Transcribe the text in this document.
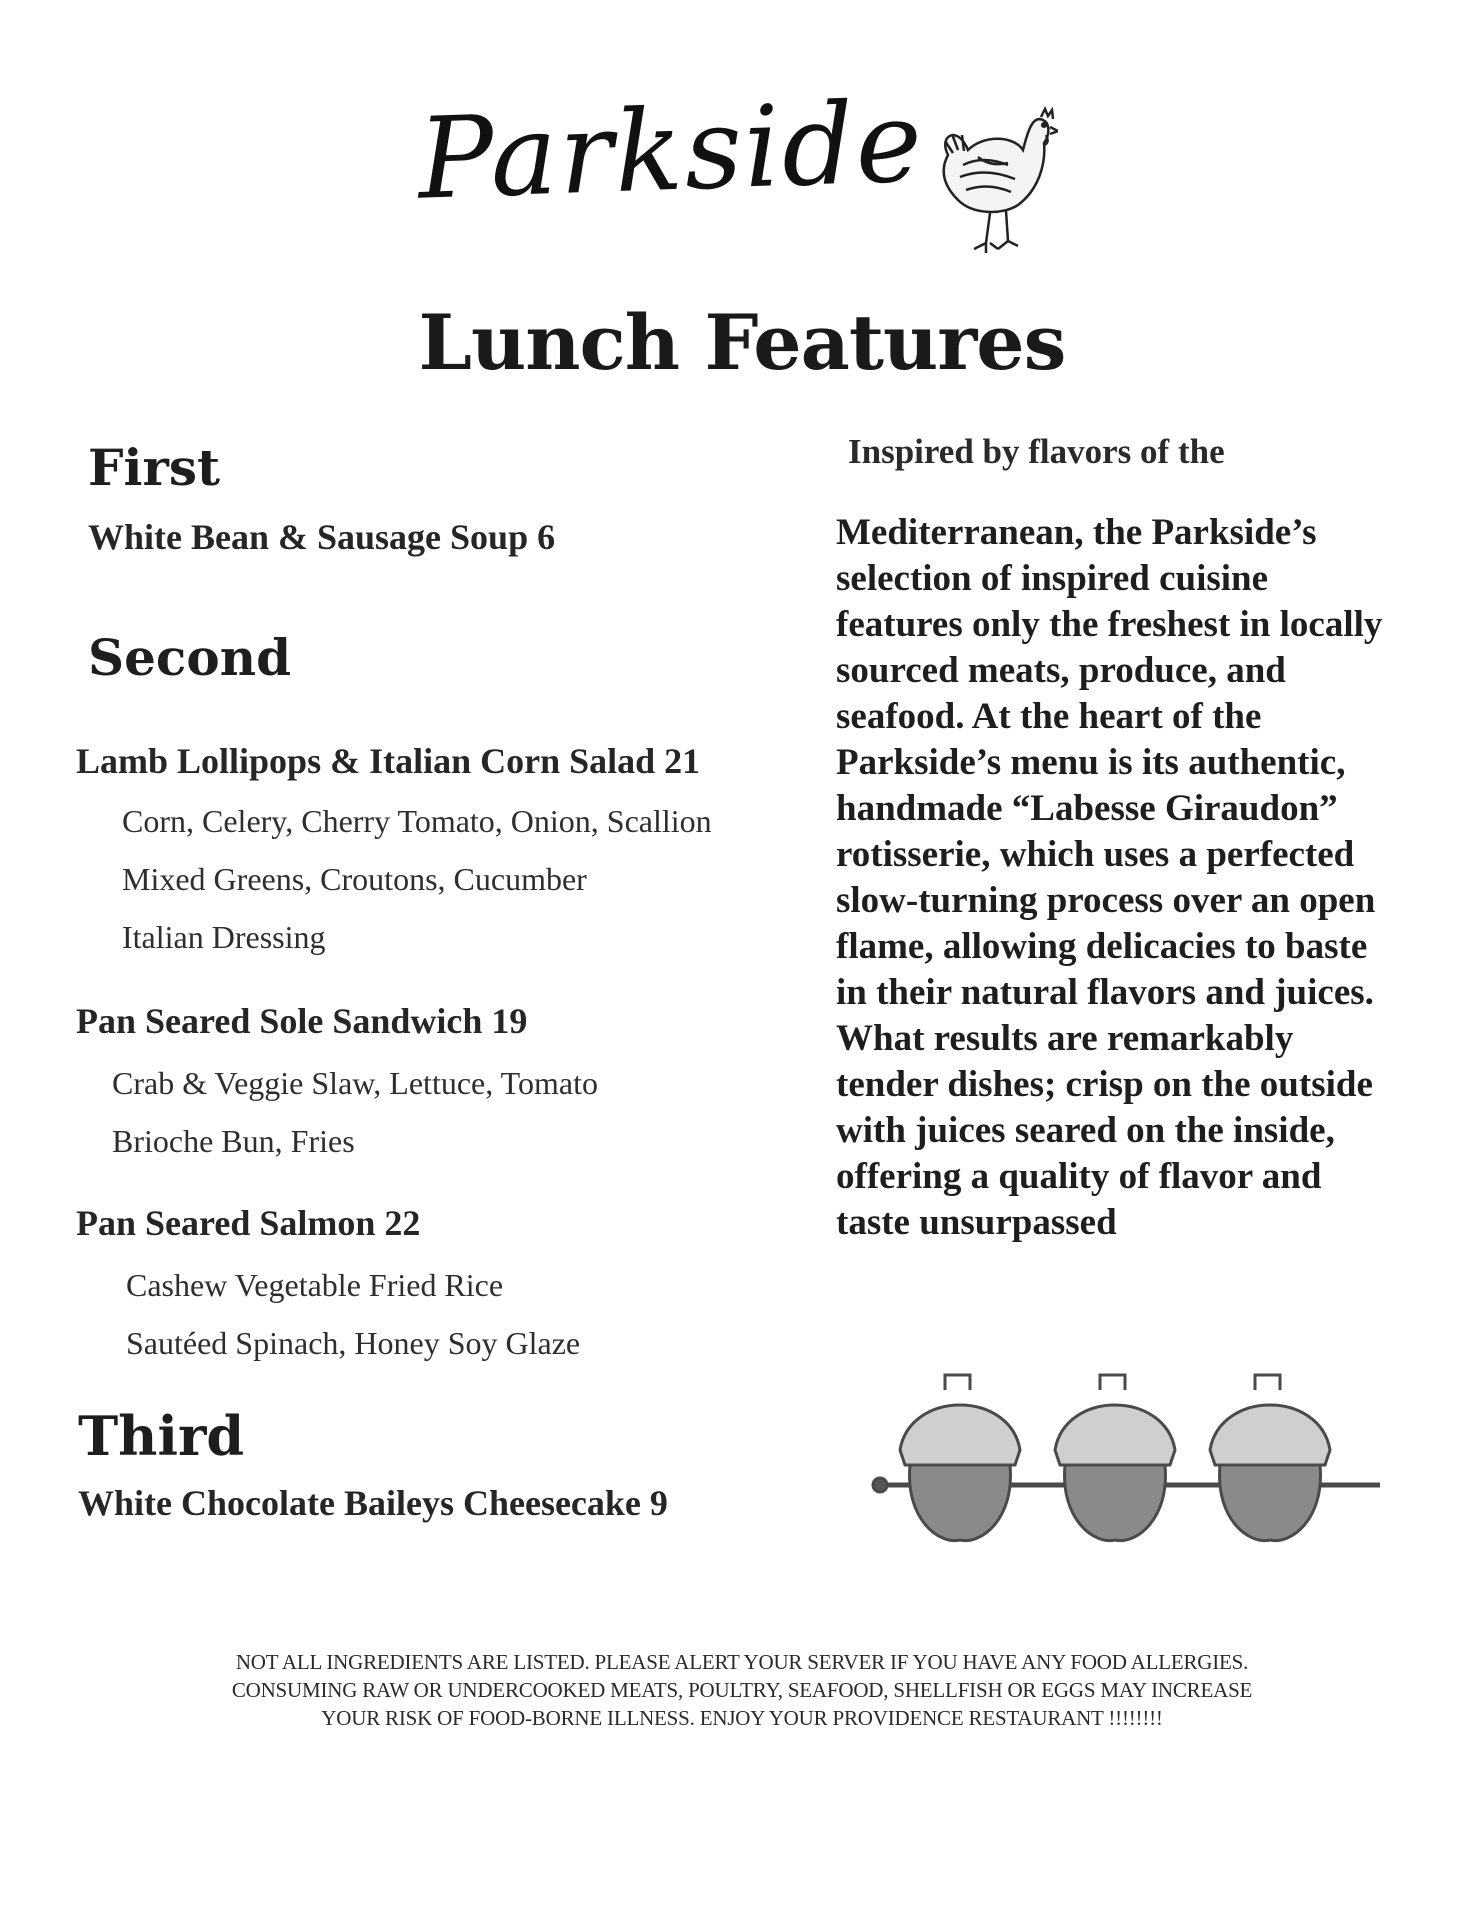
Parkside
Lunch Features
First
White Bean & Sausage Soup 6
Second
Lamb Lollipops & Italian Corn Salad 21
Corn, Celery, Cherry Tomato, Onion, Scallion
Mixed Greens, Croutons, Cucumber
Italian Dressing
Pan Seared Sole Sandwich 19
Crab & Veggie Slaw, Lettuce, Tomato
Brioche Bun, Fries
Pan Seared Salmon 22
Cashew Vegetable Fried Rice
Sautéed Spinach, Honey Soy Glaze
Third
White Chocolate Baileys Cheesecake 9
Inspired by flavors of the
Mediterranean, the Parkside’s selection of inspired cuisine features only the freshest in locally sourced meats, produce, and seafood. At the heart of the Parkside’s menu is its authentic, handmade “Labesse Giraudon” rotisserie, which uses a perfected slow-turning process over an open flame, allowing delicacies to baste in their natural flavors and juices. What results are remarkably tender dishes; crisp on the outside with juices seared on the inside, offering a quality of flavor and taste unsurpassed
NOT ALL INGREDIENTS ARE LISTED. PLEASE ALERT YOUR SERVER IF YOU HAVE ANY FOOD ALLERGIES.
CONSUMING RAW OR UNDERCOOKED MEATS, POULTRY, SEAFOOD, SHELLFISH OR EGGS MAY INCREASE
YOUR RISK OF FOOD-BORNE ILLNESS. ENJOY YOUR PROVIDENCE RESTAURANT !!!!!!!!
